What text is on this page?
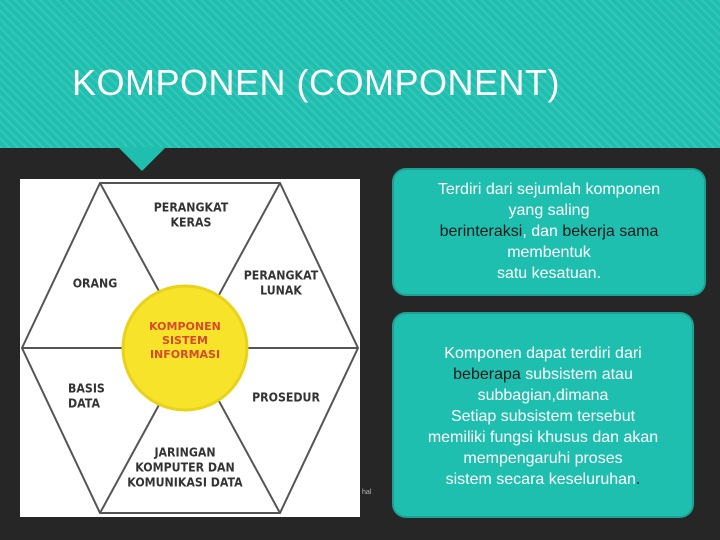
KOMPONEN (COMPONENT)
KOMPONEN
SISTEM
INFORMASI
PERANGKAT
KERAS
PERANGKAT
LUNAK
PROSEDUR
JARINGAN
KOMPUTER DAN
KOMUNIKASI DATA
BASIS
DATA
ORANG
hal

Terdiri dari sejumlah komponen

yang saling

berinteraksi, dan bekerja sama

membentuk

satu kesatuan.

Komponen dapat terdiri dari

beberapa subsistem atau

subbagian,dimana

Setiap subsistem tersebut

memiliki fungsi khusus dan akan

mempengaruhi proses

sistem secara keseluruhan.
